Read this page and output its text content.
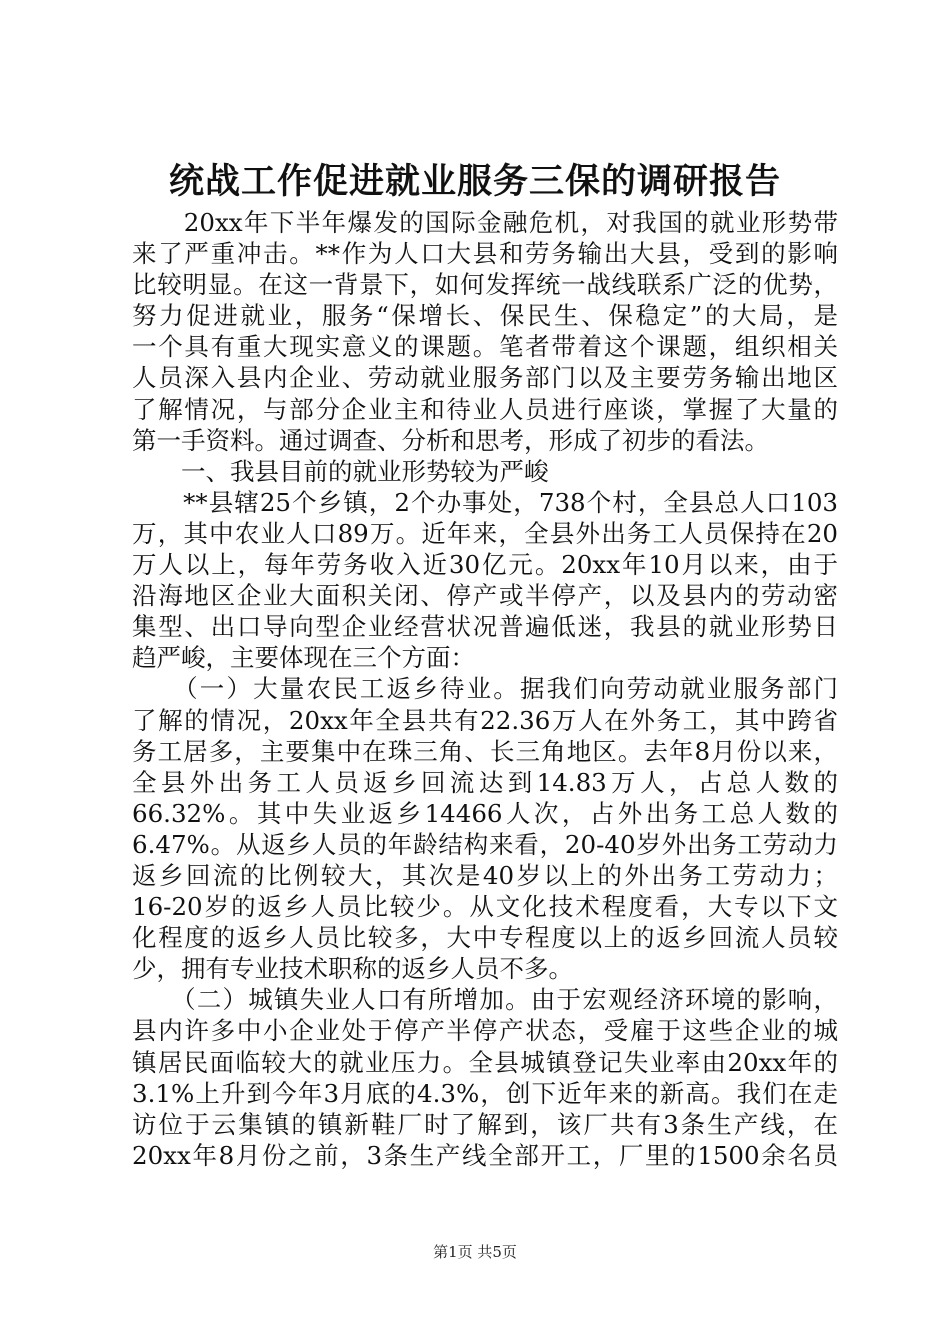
统战工作促进就业服务三保的调研报告
　　20xx年下半年爆发的国际金融危机，对我国的就业形势带
来了严重冲击。**作为人口大县和劳务输出大县，受到的影响
比较明显。在这一背景下，如何发挥统一战线联系广泛的优势，
努力促进就业，服务“保增长、保民生、保稳定”的大局，是
一个具有重大现实意义的课题。笔者带着这个课题，组织相关
人员深入县内企业、劳动就业服务部门以及主要劳务输出地区
了解情况，与部分企业主和待业人员进行座谈，掌握了大量的
第一手资料。通过调查、分析和思考，形成了初步的看法。
　　一、我县目前的就业形势较为严峻
　　**县辖25个乡镇，2个办事处，738个村，全县总人口103
万，其中农业人口89万。近年来，全县外出务工人员保持在20
万人以上，每年劳务收入近30亿元。20xx年10月以来，由于
沿海地区企业大面积关闭、停产或半停产，以及县内的劳动密
集型、出口导向型企业经营状况普遍低迷，我县的就业形势日
趋严峻，主要体现在三个方面：
　　（一）大量农民工返乡待业。据我们向劳动就业服务部门
了解的情况，20xx年全县共有22.36万人在外务工，其中跨省
务工居多，主要集中在珠三角、长三角地区。去年8月份以来，
全县外出务工人员返乡回流达到14.83万人，占总人数的
66.32%。其中失业返乡14466人次，占外出务工总人数的
6.47%。从返乡人员的年龄结构来看，20-40岁外出务工劳动力
返乡回流的比例较大，其次是40岁以上的外出务工劳动力；
16-20岁的返乡人员比较少。从文化技术程度看，大专以下文
化程度的返乡人员比较多，大中专程度以上的返乡回流人员较
少，拥有专业技术职称的返乡人员不多。
　　（二）城镇失业人口有所增加。由于宏观经济环境的影响，
县内许多中小企业处于停产半停产状态，受雇于这些企业的城
镇居民面临较大的就业压力。全县城镇登记失业率由20xx年的
3.1%上升到今年3月底的4.3%，创下近年来的新高。我们在走
访位于云集镇的镇新鞋厂时了解到，该厂共有3条生产线，在
20xx年8月份之前，3条生产线全部开工，厂里的1500余名员
第1页 共5页
